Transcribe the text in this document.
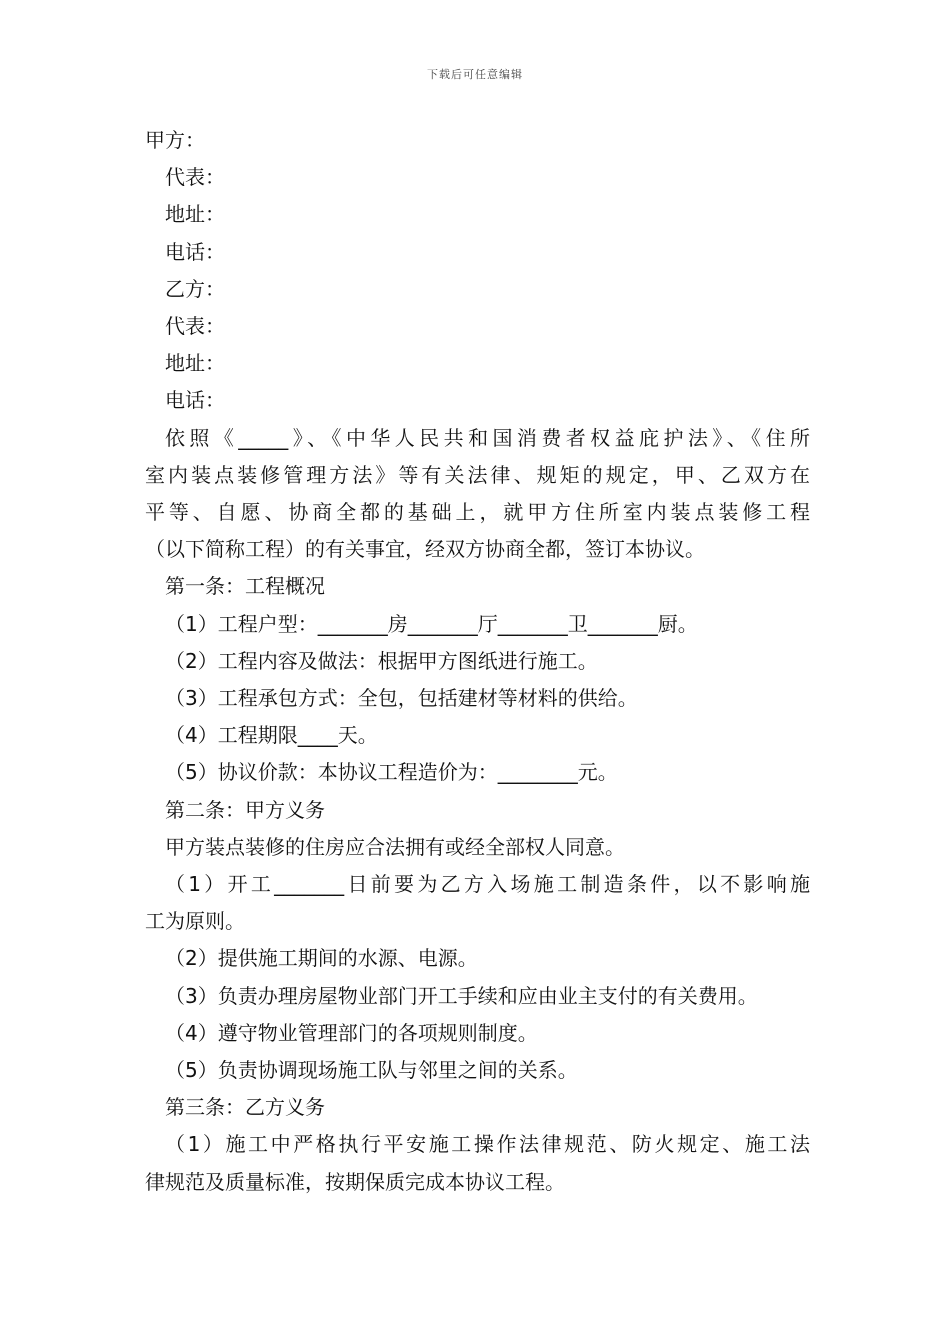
下载后可任意编辑

甲方：

代表：

地址：

电话：

乙方：

代表：

地址：

电话：

依照《_____》、《中华人民共和国消费者权益庇护法》、《住所

室内装点装修管理方法》等有关法律、规矩的规定，甲、乙双方在

平等、自愿、协商全都的基础上，就甲方住所室内装点装修工程

（以下简称工程）的有关事宜，经双方协商全都，签订本协议。

第一条：工程概况

（1）工程户型：_______房_______厅_______卫_______厨。

（2）工程内容及做法：根据甲方图纸进行施工。

（3）工程承包方式：全包，包括建材等材料的供给。

（4）工程期限____天。

（5）协议价款：本协议工程造价为：________元。

第二条：甲方义务

甲方装点装修的住房应合法拥有或经全部权人同意。

（1）开工_______日前要为乙方入场施工制造条件，以不影响施

工为原则。

（2）提供施工期间的水源、电源。

（3）负责办理房屋物业部门开工手续和应由业主支付的有关费用。

（4）遵守物业管理部门的各项规则制度。

（5）负责协调现场施工队与邻里之间的关系。

第三条：乙方义务

（1）施工中严格执行平安施工操作法律规范、防火规定、施工法

律规范及质量标准，按期保质完成本协议工程。
